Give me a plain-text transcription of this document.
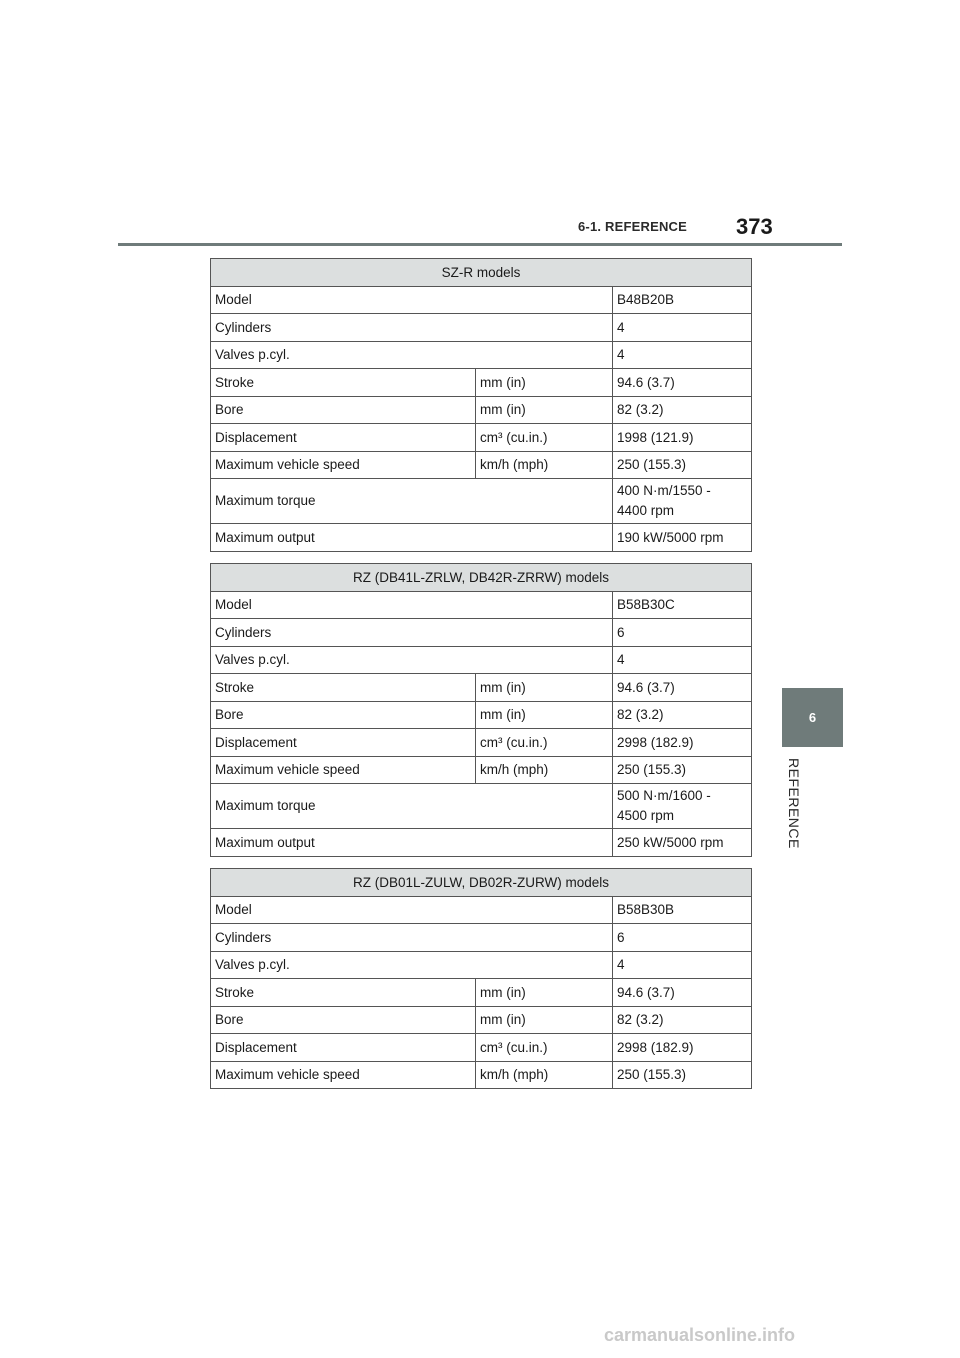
6-1. REFERENCE 373
6
REFERENCE
SZ-R models		
Model		B48B20B
Cylinders		4
Valves p.cyl.		4
Stroke	mm (in)	94.6 (3.7)
Bore	mm (in)	82 (3.2)
Displacement	cm³ (cu.in.)	1998 (121.9)
Maximum vehicle speed	km/h (mph)	250 (155.3)
Maximum torque		400 N·m/1550 -
4400 rpm
Maximum output		190 kW/5000 rpm
RZ (DB41L-ZRLW, DB42R-ZRRW) models		
Model		B58B30C
Cylinders		6
Valves p.cyl.		4
Stroke	mm (in)	94.6 (3.7)
Bore	mm (in)	82 (3.2)
Displacement	cm³ (cu.in.)	2998 (182.9)
Maximum vehicle speed	km/h (mph)	250 (155.3)
Maximum torque		500 N·m/1600 -
4500 rpm
Maximum output		250 kW/5000 rpm
RZ (DB01L-ZULW, DB02R-ZURW) models		
Model		B58B30B
Cylinders		6
Valves p.cyl.		4
Stroke	mm (in)	94.6 (3.7)
Bore	mm (in)	82 (3.2)
Displacement	cm³ (cu.in.)	2998 (182.9)
Maximum vehicle speed	km/h (mph)	250 (155.3)
carmanualsonline.info
